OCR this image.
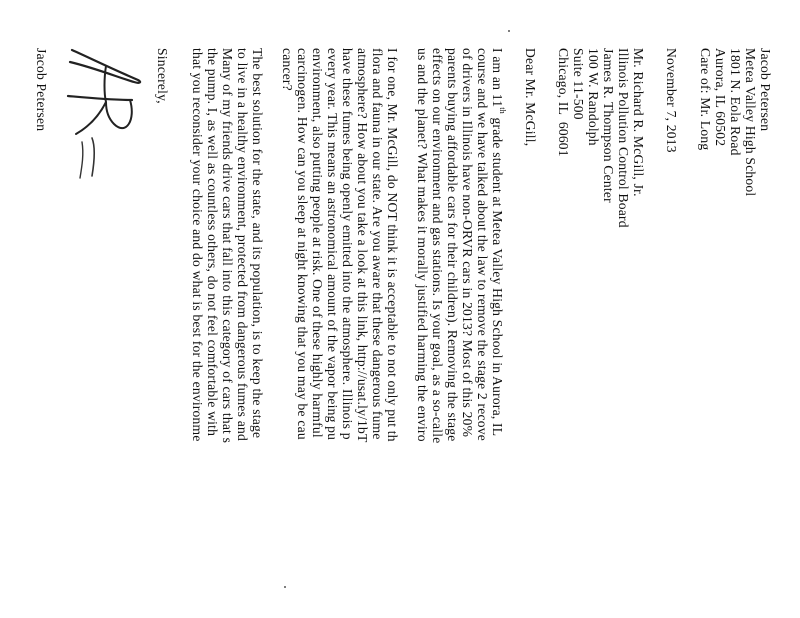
Jacob Petersen
Metea Valley High School
1801 N. Eola Road
Aurora, IL 60502
Care of: Mr. Long
November 7, 2013
Mr. Richard R. McGill, Jr.
Illinois Pollution Control Board
James R. Thompson Center
100 W. Randolph
Suite 11-500
Chicago, IL  60601
Dear Mr. McGill,
I am an 11th grade student at Metea Valley High School in Aurora, IL
course and we have talked about the law to remove the stage 2 recove
of drivers in Illinois have non-ORVR cars in 2013? Most of this 20%
parents buying affordable cars for their children). Removing the stage
effects on our environment and gas stations. Is your goal, as a so-calle
us and the planet? What makes it morally justified harming the enviro
I for one, Mr. McGill, do NOT think it is acceptable to not only put th
flora and fauna in our state. Are you aware that these dangerous fume
atmosphere? How about you take a look at this link, http://usat.ly/1bT
have these fumes being openly emitted into the atmosphere. Illinois p
every year. This means an astronomical amount of the vapor being pu
environment, also putting people at risk. One of these highly harmful
carcinogen. How can you sleep at night knowing that you may be cau
cancer?
The best solution for the state, and its population, is to keep the stage
to live in a healthy environment, protected from dangerous fumes and
Many of my friends drive cars that fall into this category of cars that s
the pump. I, as well as countless others, do not feel comfortable with
that you reconsider your choice and do what is best for the environme
Sincerely,
Jacob Petersen
